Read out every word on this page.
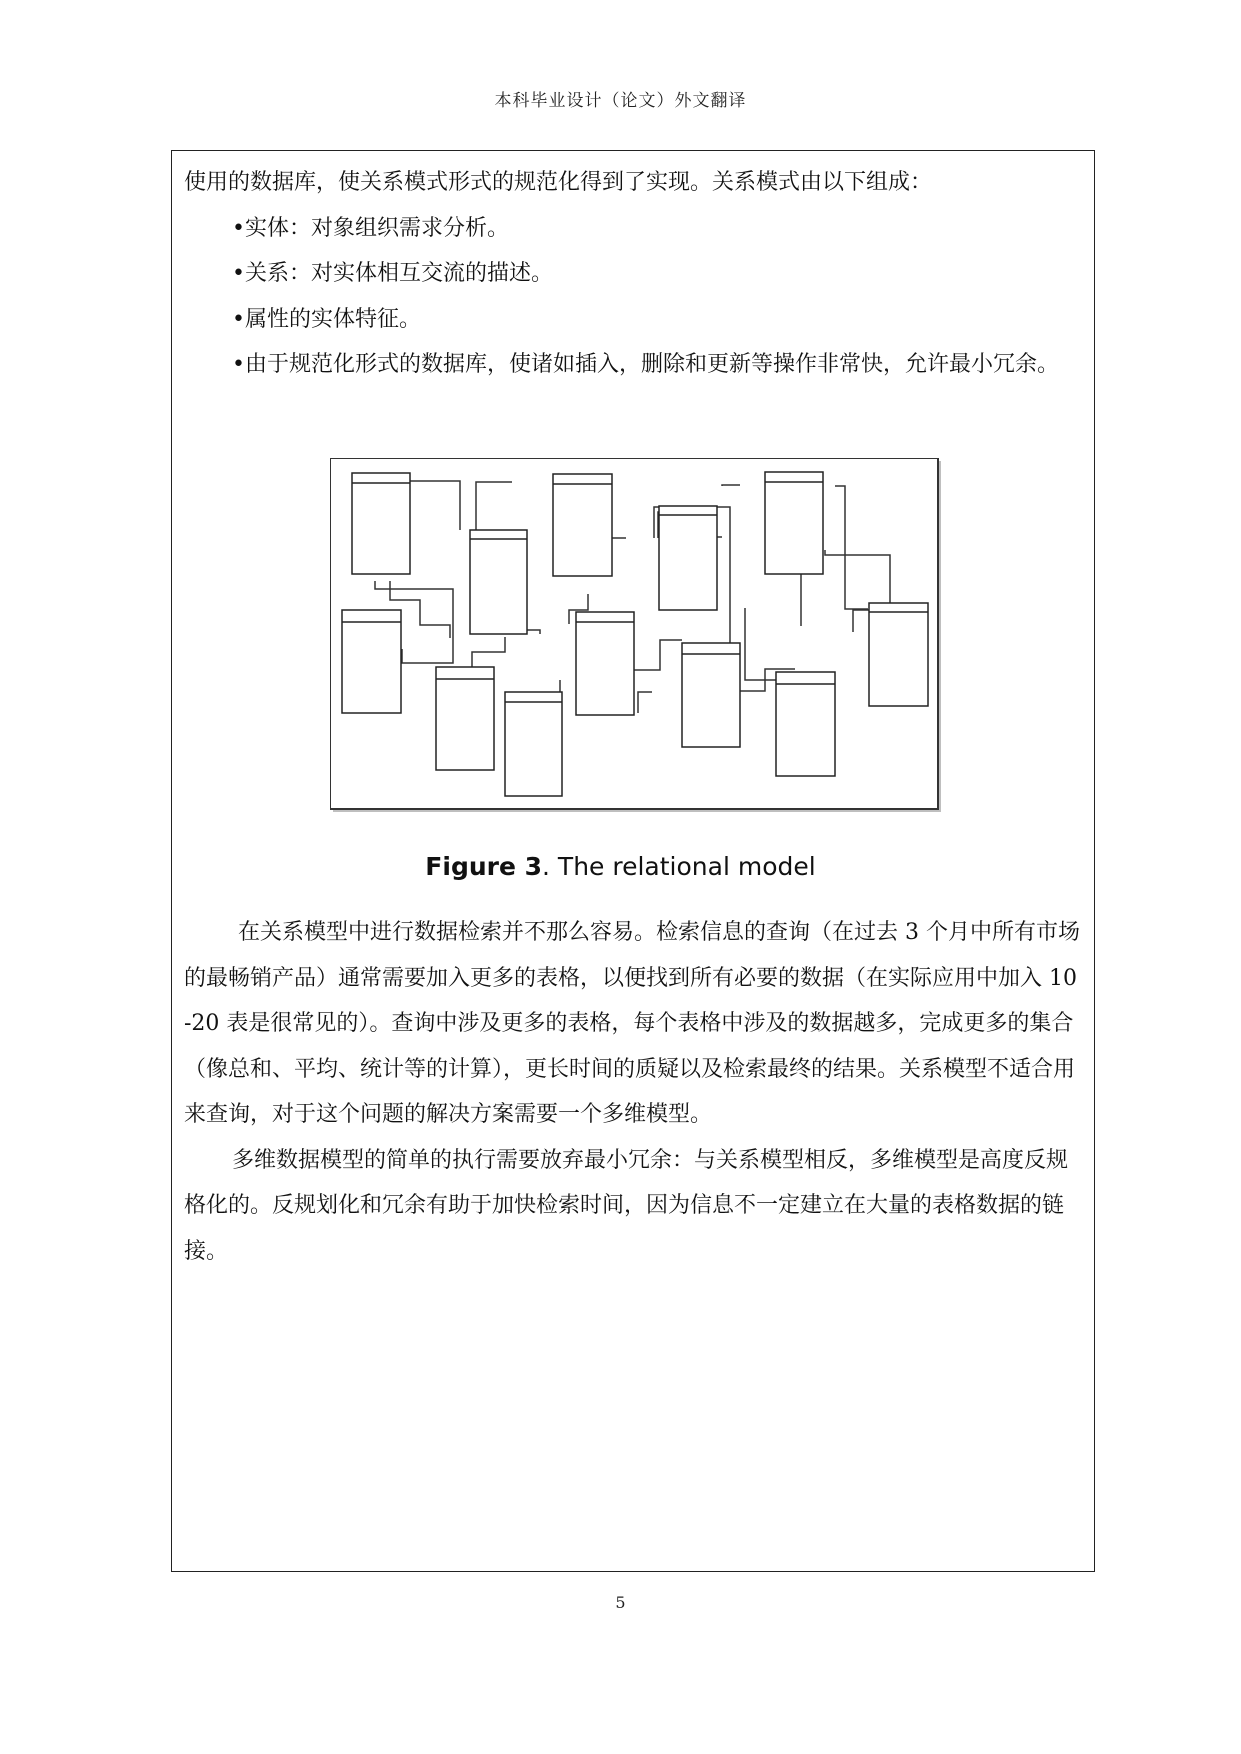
本科毕业设计（论文）外文翻译

使用的数据库，使关系模式形式的规范化得到了实现。关系模式由以下组成：

•实体：对象组织需求分析。

•关系：对实体相互交流的描述。

•属性的实体特征。

•由于规范化形式的数据库，使诸如插入，删除和更新等操作非常快，允许最小冗余。

Figure 3. The relational model

在关系模型中进行数据检索并不那么容易。检索信息的查询（在过去 3 个月中所有市场的最畅销产品）通常需要加入更多的表格，以便找到所有必要的数据（在实际应用中加入 10 -20 表是很常见的）。查询中涉及更多的表格，每个表格中涉及的数据越多，完成更多的集合（像总和、平均、统计等的计算），更长时间的质疑以及检索最终的结果。关系模型不适合用来查询，对于这个问题的解决方案需要一个多维模型。

多维数据模型的简单的执行需要放弃最小冗余：与关系模型相反，多维模型是高度反规格化的。反规划化和冗余有助于加快检索时间，因为信息不一定建立在大量的表格数据的链接。

5
